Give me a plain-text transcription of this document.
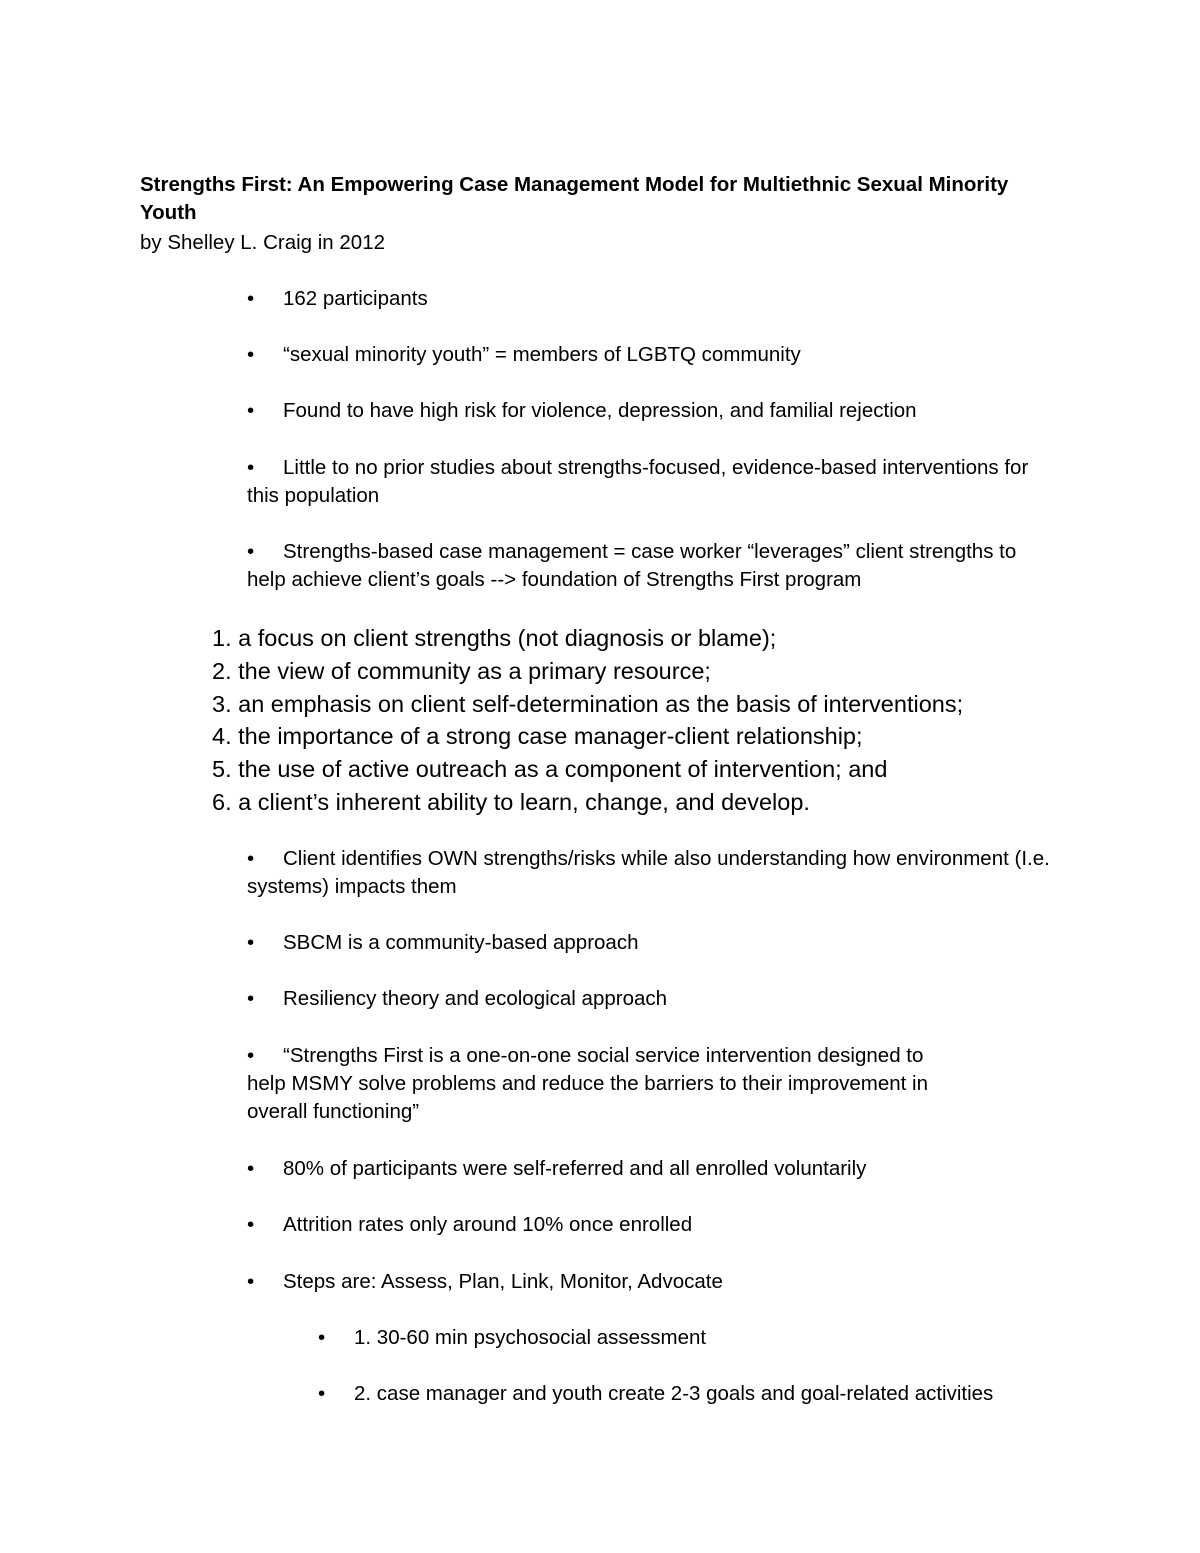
Strengths First: An Empowering Case Management Model for Multiethnic Sexual Minority Youth

by Shelley L. Craig in 2012

• 162 participants
• “sexual minority youth” = members of LGBTQ community
• Found to have high risk for violence, depression, and familial rejection
• Little to no prior studies about strengths-focused, evidence-based interventions for this population
• Strengths-based case management = case worker “leverages” client strengths to help achieve client’s goals --> foundation of Strengths First program
1. a focus on client strengths (not diagnosis or blame);
2. the view of community as a primary resource;
3. an emphasis on client self-determination as the basis of interventions;
4. the importance of a strong case manager-client relationship;
5. the use of active outreach as a component of intervention; and
6. a client’s inherent ability to learn, change, and develop.
• Client identifies OWN strengths/risks while also understanding how environment (I.e. systems) impacts them
• SBCM is a community-based approach
• Resiliency theory and ecological approach
• “Strengths First is a one-on-one social service intervention designed to help MSMY solve problems and reduce the barriers to their improvement in overall functioning”
• 80% of participants were self-referred and all enrolled voluntarily
• Attrition rates only around 10% once enrolled
• Steps are: Assess, Plan, Link, Monitor, Advocate
• 1. 30-60 min psychosocial assessment
• 2. case manager and youth create 2-3 goals and goal-related activities
